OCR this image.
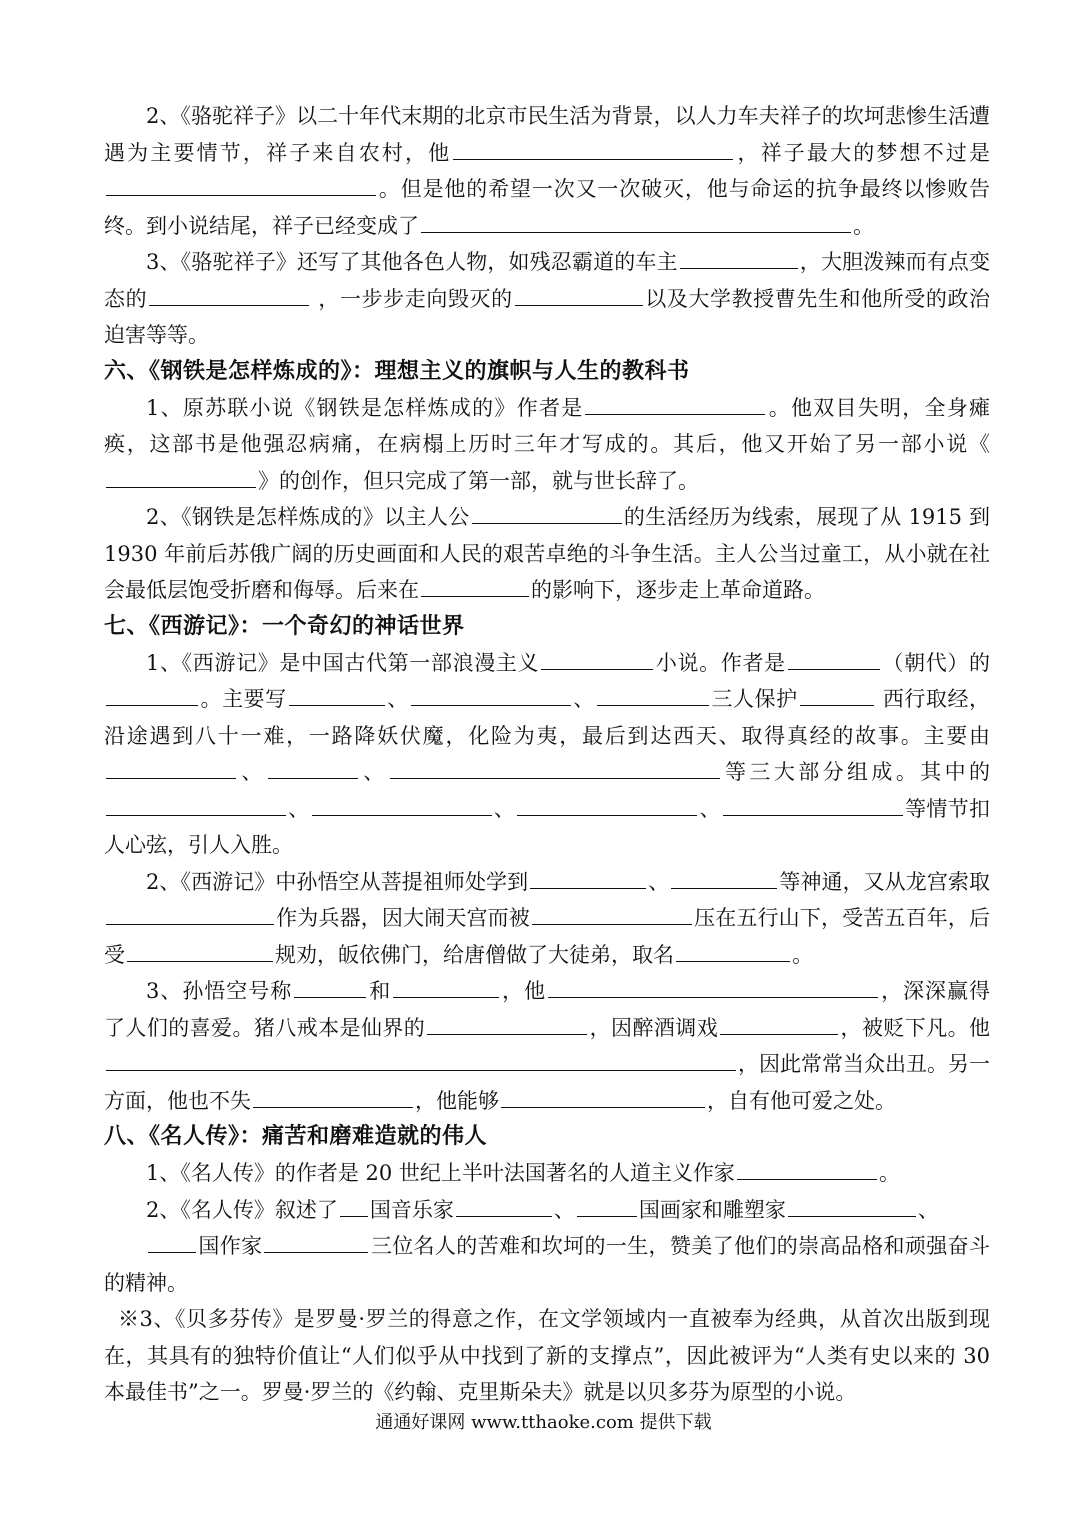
2、《骆驼祥子》以二十年代末期的北京市民生活为背景，以人力车夫祥子的坎坷悲惨生活遭遇为主要情节，祥子来自农村，他	，祥子最大的梦想不过是。但是他的希望一次又一次破灭，他与命运的抗争最终以惨败告终。到小说结尾，祥子已经变成了	。

3、《骆驼祥子》还写了其他各色人物，如残忍霸道的车主	，大胆泼辣而有点变态的	，一步步走向毁灭的	以及大学教授曹先生和他所受的政治迫害等等。

六、《钢铁是怎样炼成的》：理想主义的旗帜与人生的教科书

1、原苏联小说《钢铁是怎样炼成的》作者是	。他双目失明，全身瘫痪，这部书是他强忍病痛，在病榻上历时三年才写成的。其后，他又开始了另一部小说《》的创作，但只完成了第一部，就与世长辞了。

2、《钢铁是怎样炼成的》以主人公	的生活经历为线索，展现了从 1915 到 1930 年前后苏俄广阔的历史画面和人民的艰苦卓绝的斗争生活。主人公当过童工，从小就在社会最低层饱受折磨和侮辱。后来在	的影响下，逐步走上革命道路。

七、《西游记》：一个奇幻的神话世界

1、《西游记》是中国古代第一部浪漫主义	小说。作者是	（朝代）的。主要写	、	、	三人保护	西行取经，沿途遇到八十一难，一路降妖伏魔，化险为夷，最后到达西天、取得真经的故事。主要由、	、	等三大部分组成。其中的、	、	、	等情节扣人心弦，引人入胜。

2、《西游记》中孙悟空从菩提祖师处学到	、	等神通，又从龙宫索取作为兵器，因大闹天宫而被	压在五行山下，受苦五百年，后受	规劝，皈依佛门，给唐僧做了大徒弟，取名	。

3、孙悟空号称	和	，他	，深深赢得了人们的喜爱。猪八戒本是仙界的	，因醉酒调戏	，被贬下凡。他，因此常常当众出丑。另一方面，他也不失	，他能够	，自有他可爱之处。

八、《名人传》：痛苦和磨难造就的伟人

1、《名人传》的作者是 20 世纪上半叶法国著名的人道主义作家	。

2、《名人传》叙述了 国音乐家	、	国画家和雕塑家	、
国作家	三位名人的苦难和坎坷的一生，赞美了他们的崇高品格和顽强奋斗的精神。

※3、《贝多芬传》是罗曼·罗兰的得意之作，在文学领域内一直被奉为经典，从首次出版到现在，其具有的独特价值让“人们似乎从中找到了新的支撑点”，因此被评为“人类有史以来的 30 本最佳书”之一。罗曼·罗兰的《约翰、克里斯朵夫》就是以贝多芬为原型的小说。

通通好课网 www.tthaoke.com 提供下载
